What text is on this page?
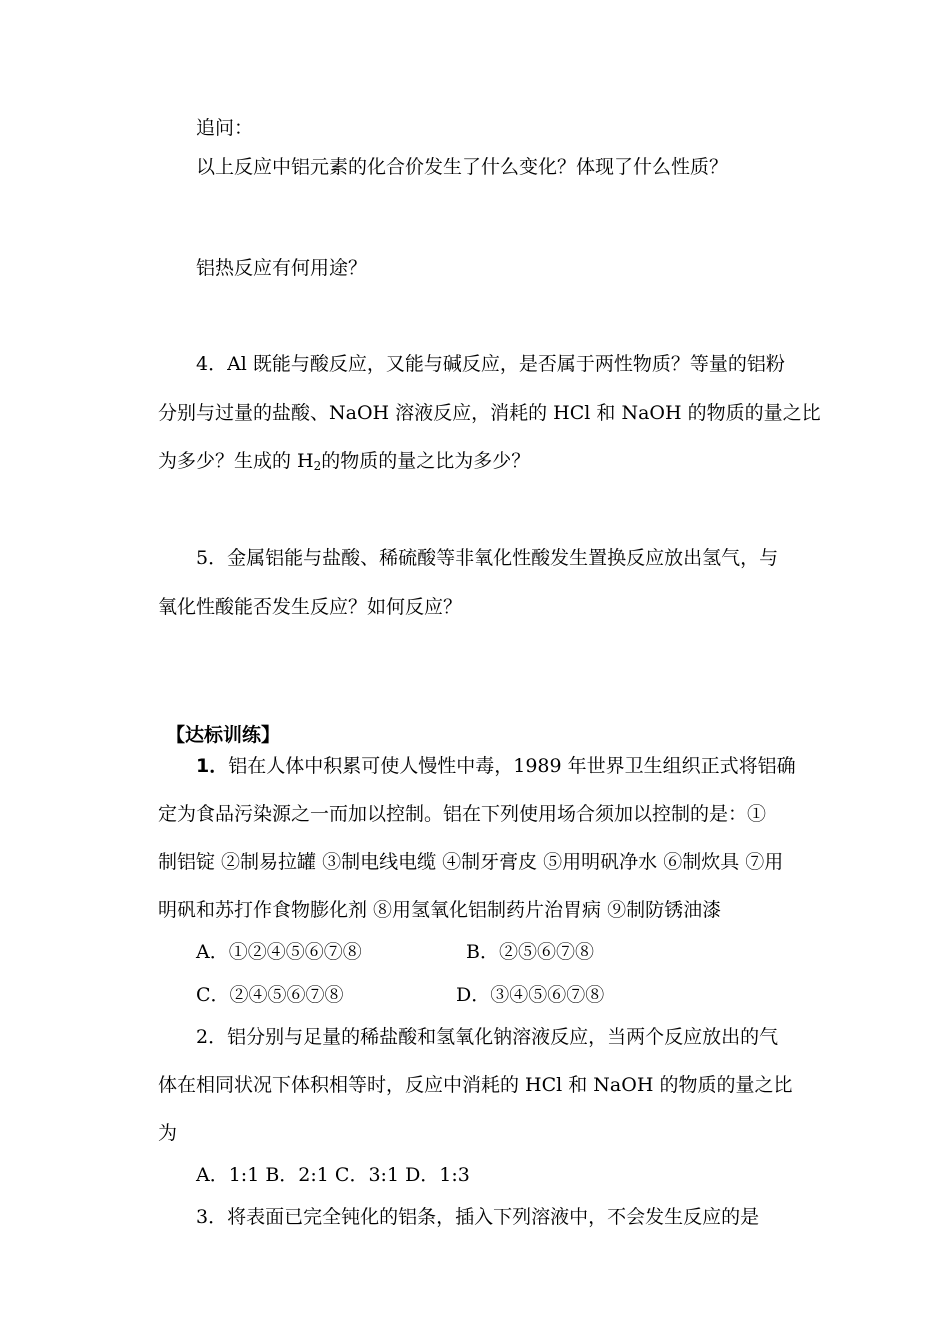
追问：
以上反应中铝元素的化合价发生了什么变化？体现了什么性质？
铝热反应有何用途？
4．Al 既能与酸反应，又能与碱反应，是否属于两性物质？等量的铝粉
分别与过量的盐酸、NaOH 溶液反应，消耗的 HCl 和 NaOH 的物质的量之比
为多少？生成的 $H_2$的物质的量之比为多少？
5．金属铝能与盐酸、稀硫酸等非氧化性酸发生置换反应放出氢气，与
氧化性酸能否发生反应？如何反应？
【达标训练】
1．铝在人体中积累可使人慢性中毒，1989 年世界卫生组织正式将铝确
定为食品污染源之一而加以控制。铝在下列使用场合须加以控制的是：①
制铝锭 ②制易拉罐 ③制电线电缆 ④制牙膏皮 ⑤用明矾净水 ⑥制炊具 ⑦用
明矾和苏打作食物膨化剂 ⑧用氢氧化铝制药片治胃病 ⑨制防锈油漆
A．①②④⑤⑥⑦⑧	B．②⑤⑥⑦⑧
C．②④⑤⑥⑦⑧	D．③④⑤⑥⑦⑧
2．铝分别与足量的稀盐酸和氢氧化钠溶液反应，当两个反应放出的气
体在相同状况下体积相等时，反应中消耗的 HCl 和 NaOH 的物质的量之比
为
A．1:1 B．2:1 C．3:1 D．1:3
3．将表面已完全钝化的铝条，插入下列溶液中，不会发生反应的是
